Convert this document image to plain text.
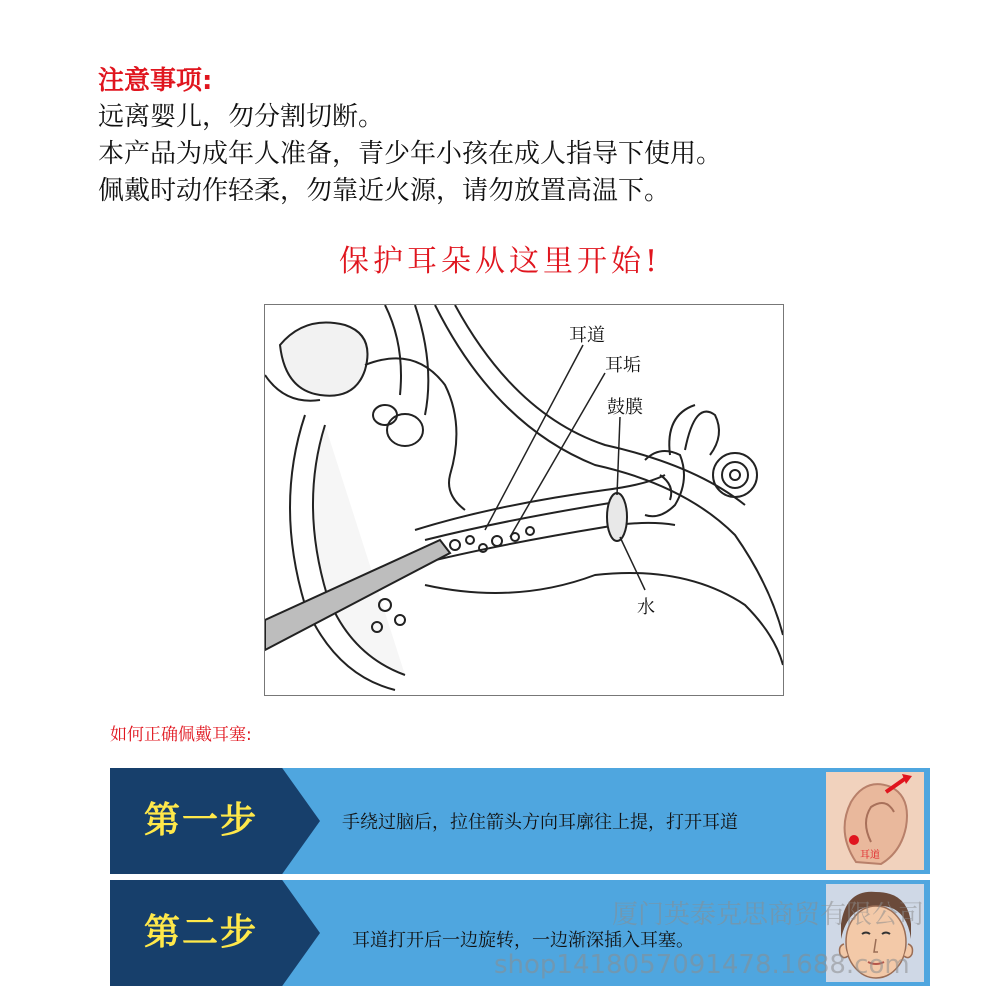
注意事项:
远离婴儿，勿分割切断。
本产品为成年人准备，青少年小孩在成人指导下使用。
佩戴时动作轻柔，勿靠近火源，请勿放置高温下。
保护耳朵从这里开始!
耳道
耳垢
鼓膜
水
如何正确佩戴耳塞:
第一步	手绕过脑后，拉住箭头方向耳廓往上提，打开耳道
耳道
第二步	耳道打开后一边旋转，一边渐深插入耳塞。
厦门英泰克思商贸有限公司
shop1418057091478.1688.com
